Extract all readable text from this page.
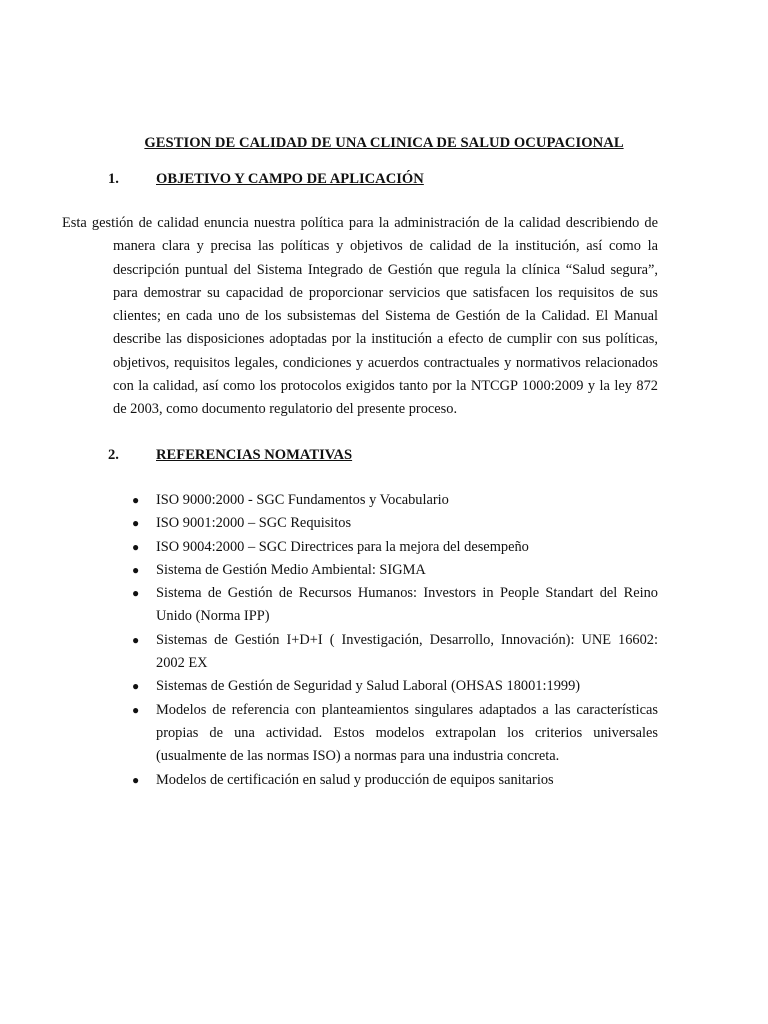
GESTION DE CALIDAD DE UNA CLINICA DE SALUD OCUPACIONAL
1.	OBJETIVO Y CAMPO DE APLICACIÓN
Esta gestión de calidad enuncia nuestra política para la administración de la calidad describiendo de manera clara y precisa las políticas y objetivos de calidad de la institución, así como la descripción puntual del Sistema Integrado de Gestión que regula la clínica “Salud segura”, para demostrar su capacidad de proporcionar servicios que satisfacen los requisitos de sus clientes; en cada uno de los subsistemas del Sistema de Gestión de la Calidad. El Manual describe las disposiciones adoptadas por la institución a efecto de cumplir con sus políticas, objetivos, requisitos legales, condiciones y acuerdos contractuales y normativos relacionados con la calidad, así como los protocolos exigidos tanto por la NTCGP 1000:2009 y la ley 872 de 2003, como documento regulatorio del presente proceso.
2.	REFERENCIAS NOMATIVAS
● ISO 9000:2000 - SGC Fundamentos y Vocabulario
● ISO 9001:2000 – SGC Requisitos
● ISO 9004:2000 – SGC Directrices para la mejora del desempeño
● Sistema de Gestión Medio Ambiental: SIGMA
● Sistema de Gestión de Recursos Humanos: Investors in People Standart del Reino Unido (Norma IPP)
● Sistemas de Gestión I+D+I ( Investigación, Desarrollo, Innovación): UNE 16602: 2002 EX
● Sistemas de Gestión de Seguridad y Salud Laboral (OHSAS 18001:1999)
● Modelos de referencia con planteamientos singulares adaptados a las características propias de una actividad. Estos modelos extrapolan los criterios universales (usualmente de las normas ISO) a normas para una industria concreta.
● Modelos de certificación en salud y producción de equipos sanitarios
